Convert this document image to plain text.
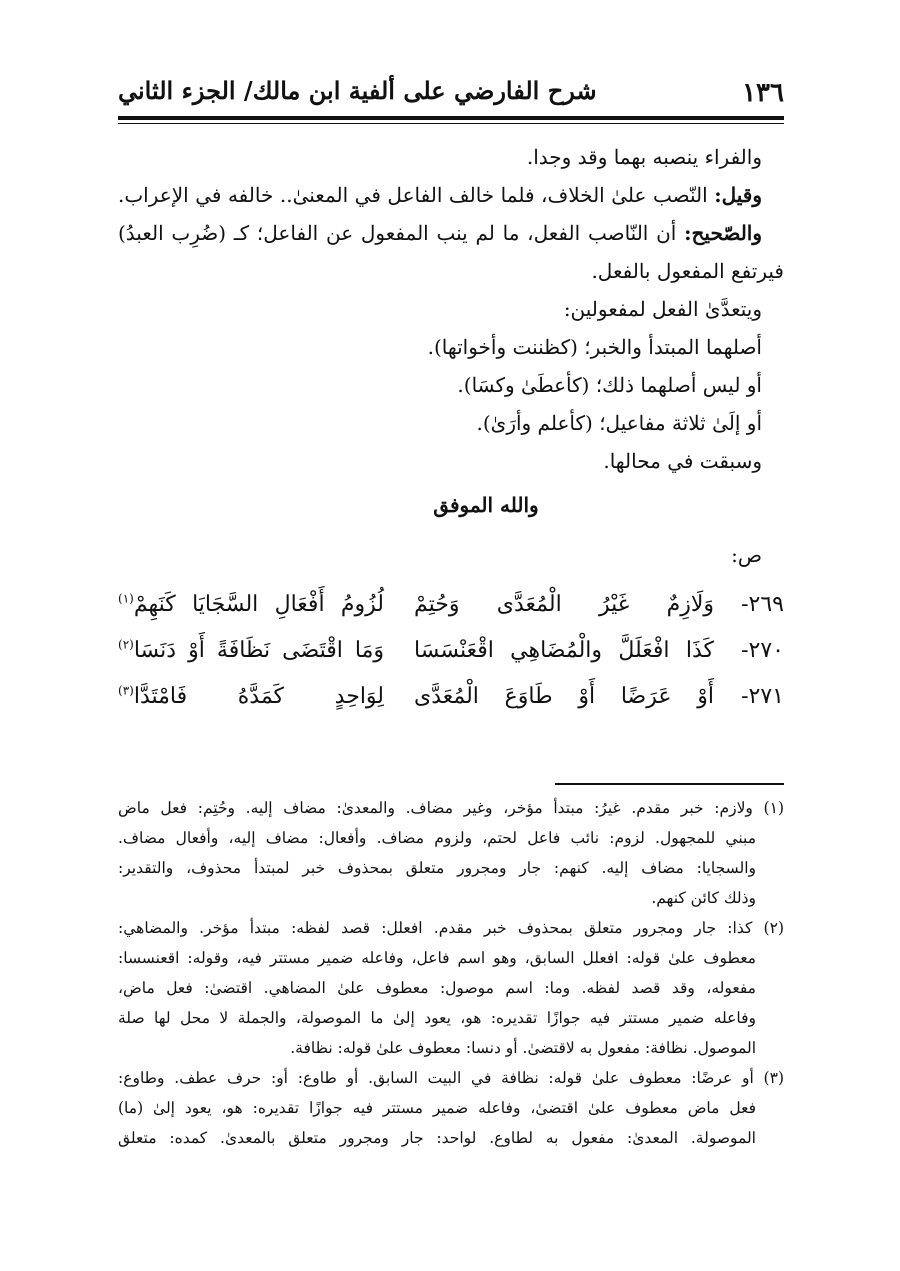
١٣٦
شرح الفارضي على ألفية ابن مالك/ الجزء الثاني
والفراء ينصبه بهما وقد وجدا.
وقيل: النّصب علىٰ الخلاف، فلما خالف الفاعل في المعنىٰ.. خالفه في الإعراب.
والصّحيح: أن النّاصب الفعل، ما لم ينب المفعول عن الفاعل؛ كـ (ضُرِب العبدُ)
فيرتفع المفعول بالفعل.
ويتعدَّىٰ الفعل لمفعولين:
أصلهما المبتدأ والخبر؛ (كظننت وأخواتها).
أو ليس أصلهما ذلك؛ (كأعطَىٰ وكسَا).
أو إلَىٰ ثلاثة مفاعيل؛ (كأعلم وأرَىٰ).
وسبقت في محالها.
والله الموفق
ص:
٢٦٩-
وَلَازِمٌ غَيْرُ الْمُعَدَّى وَحُتِمْ
لُزُومُ أَفْعَالِ السَّجَايَا كَنَهِمْ$^{(١)}$
٢٧٠-
كَذَا افْعَلَلَّ والْمُضَاهِي اقْعَنْسَسَا
وَمَا اقْتَضَى نَظَافَةً أَوْ دَنَسَا$^{(٢)}$
٢٧١-
أَوْ عَرَضًا أَوْ طَاوَعَ الْمُعَدَّى
لِوَاحِدٍ كَمَدَّهُ فَامْتَدَّا$^{(٣)}$
(١) ولازم: خبر مقدم. غيرُ: مبتدأ مؤخر، وغير مضاف. والمعدىٰ: مضاف إليه. وحُتِم: فعل ماض
مبني للمجهول. لزوم: نائب فاعل لحتم، ولزوم مضاف. وأفعال: مضاف إليه، وأفعال مضاف.
والسجايا: مضاف إليه. كنهم: جار ومجرور متعلق بمحذوف خبر لمبتدأ محذوف، والتقدير:
وذلك كائن كنهم.
(٢) كذا: جار ومجرور متعلق بمحذوف خبر مقدم. افعلل: قصد لفظه: مبتدأ مؤخر. والمضاهي:
معطوف علىٰ قوله: افعلل السابق، وهو اسم فاعل، وفاعله ضمير مستتر فيه، وقوله: اقعنسسا:
مفعوله، وقد قصد لفظه. وما: اسم موصول: معطوف علىٰ المضاهي. اقتضىٰ: فعل ماض،
وفاعله ضمير مستتر فيه جوازًا تقديره: هو، يعود إلىٰ ما الموصولة، والجملة لا محل لها صلة
الموصول. نظافة: مفعول به لاقتضىٰ. أو دنسا: معطوف علىٰ قوله: نظافة.
(٣) أو عرضًا: معطوف علىٰ قوله: نظافة في البيت السابق. أو طاوع: أو: حرف عطف. وطاوع:
فعل ماض معطوف علىٰ اقتضىٰ، وفاعله ضمير مستتر فيه جوازًا تقديره: هو، يعود إلىٰ (ما)
الموصولة. المعدىٰ: مفعول به لطاوع. لواحد: جار ومجرور متعلق بالمعدىٰ. كمده: متعلق
